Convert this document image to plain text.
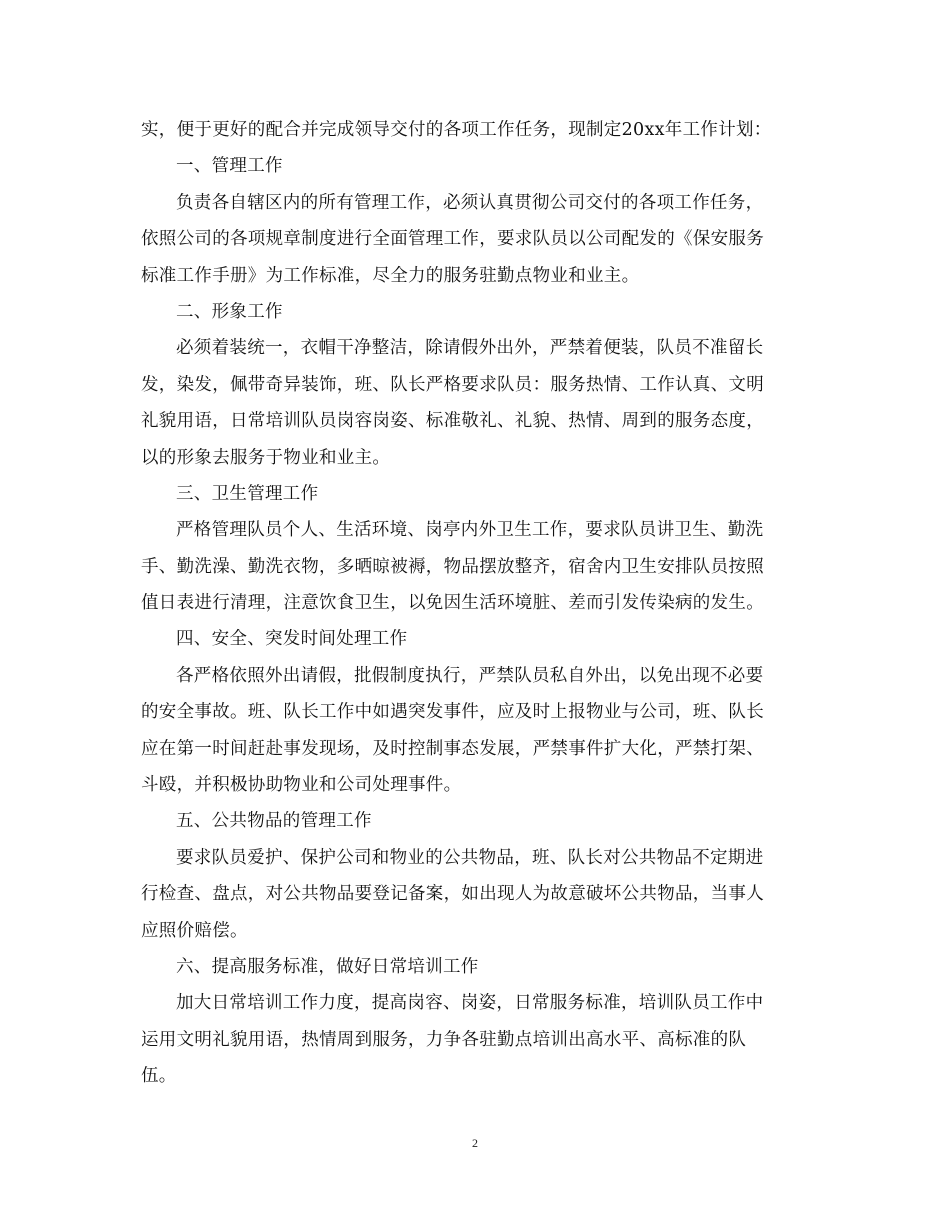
实，便于更好的配合并完成领导交付的各项工作任务，现制定20xx年工作计划：
一、管理工作
负责各自辖区内的所有管理工作，必须认真贯彻公司交付的各项工作任务，
依照公司的各项规章制度进行全面管理工作，要求队员以公司配发的《保安服务
标准工作手册》为工作标准，尽全力的服务驻勤点物业和业主。
二、形象工作
必须着装统一，衣帽干净整洁，除请假外出外，严禁着便装，队员不准留长
发，染发，佩带奇异装饰，班、队长严格要求队员：服务热情、工作认真、文明
礼貌用语，日常培训队员岗容岗姿、标准敬礼、礼貌、热情、周到的服务态度，
以的形象去服务于物业和业主。
三、卫生管理工作
严格管理队员个人、生活环境、岗亭内外卫生工作，要求队员讲卫生、勤洗
手、勤洗澡、勤洗衣物，多晒晾被褥，物品摆放整齐，宿舍内卫生安排队员按照
值日表进行清理，注意饮食卫生，以免因生活环境脏、差而引发传染病的发生。
四、安全、突发时间处理工作
各严格依照外出请假，批假制度执行，严禁队员私自外出，以免出现不必要
的安全事故。班、队长工作中如遇突发事件，应及时上报物业与公司，班、队长
应在第一时间赶赴事发现场，及时控制事态发展，严禁事件扩大化，严禁打架、
斗殴，并积极协助物业和公司处理事件。
五、公共物品的管理工作
要求队员爱护、保护公司和物业的公共物品，班、队长对公共物品不定期进
行检查、盘点，对公共物品要登记备案，如出现人为故意破坏公共物品，当事人
应照价赔偿。
六、提高服务标准，做好日常培训工作
加大日常培训工作力度，提高岗容、岗姿，日常服务标准，培训队员工作中
运用文明礼貌用语，热情周到服务，力争各驻勤点培训出高水平、高标准的队
伍。
2
